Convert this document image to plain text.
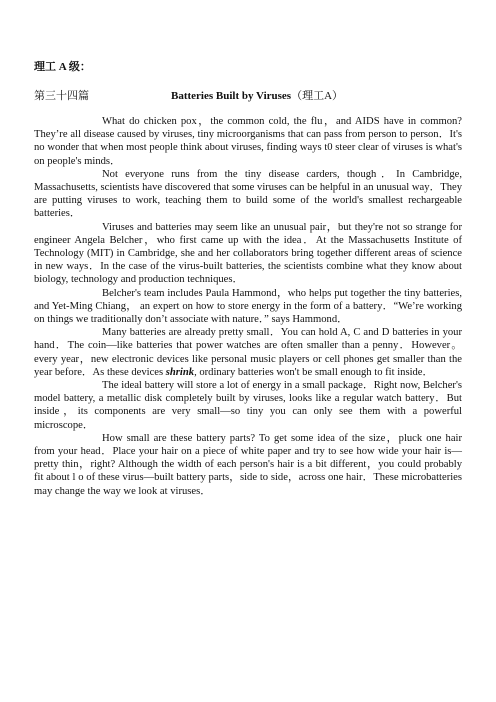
理工 A 级：
第三十四篇	Batteries Built by Viruses（理工A）

What do chicken pox，the common cold, the flu，and AIDS have in common? They’re all disease caused by viruses, tiny microorganisms that can pass from person to person．It's no wonder that when most people think about viruses, finding ways t0 steer clear of viruses is what's on people's minds．

Not everyone runs from the tiny disease carders, though．In Cambridge, Massachusetts, scientists have discovered that some viruses can be helpful in an unusual way．They are putting viruses to work, teaching them to build some of the world's smallest rechargeable batteries．

Viruses and batteries may seem like an unusual pair，but they're not so strange for engineer Angela Belcher，who first came up with the idea．At the Massachusetts Institute of Technology (MIT) in Cambridge, she and her collaborators bring together different areas of science in new ways．In the case of the virus-built batteries, the scientists combine what they know about biology, technology and production techniques．

Belcher's team includes Paula Hammond，who helps put together the tiny batteries, and Yet-Ming Chiang， an expert on how to store energy in the form of a battery．“We’re working on things we traditionally don’t associate with nature．” says Hammond．

Many batteries are already pretty small．You can hold A, C and D batteries in your hand．The coin—like batteries that power watches are often smaller than a penny．However。every year，new electronic devices like personal music players or cell phones get smaller than the year before．As these devices shrink, ordinary batteries won't be small enough to fit inside．

The ideal battery will store a lot of energy in a small package．Right now, Belcher's model battery, a metallic disk completely built by viruses, looks like a regular watch battery．But inside，its components are very small—so tiny you can only see them with a powerful microscope．

How small are these battery parts? To get some idea of the size，pluck one hair from your head．Place your hair on a piece of white paper and try to see how wide your hair is—pretty thin，right? Although the width of each person's hair is a bit different，you could probably fit about l o of these virus—built battery parts，side to side，across one hair．These microbatteries may change the way we look at viruses．
